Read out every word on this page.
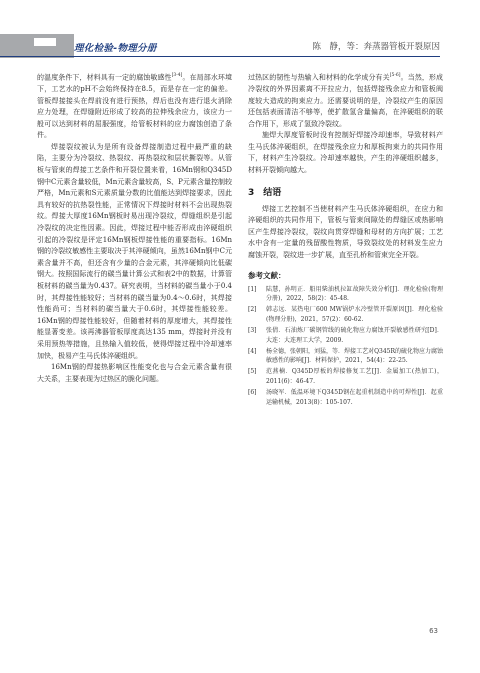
理化检验-物理分册	陈　静，等：奔蒸器管板开裂原因

的温度条件下，材料具有一定的腐蚀敏感性[3-4]。在局部水环境下，工艺水的pH不会始终保持在8.5，而是存在一定的偏差。管板焊接接头在焊前没有进行预热，焊后也没有进行退火消除应力处理，在焊缝附近形成了较高的拉伸残余应力，该应力一般可以达到材料的屈服强度，给管板材料的应力腐蚀创造了条件。

焊接裂纹被认为是所有设备焊接制造过程中最严重的缺陷，主要分为冷裂纹、热裂纹、再热裂纹和层状撕裂等。从管板与管束的焊接工艺条件和开裂位置来看，16Mn钢和Q345D钢中C元素含量较低，Mn元素含量较高，S、P元素含量控制较严格，Mn元素和S元素质量分数的比值能达到焊接要求，因此具有较好的抗热裂性能，正常情况下焊接时材料不会出现热裂纹。焊接大厚度16Mn钢板时易出现冷裂纹，焊缝组织是引起冷裂纹的决定性因素。因此，焊接过程中能否形成由淬硬组织引起的冷裂纹是评定16Mn钢板焊接性能的重要指标。16Mn钢的冷裂纹敏感性主要取决于其淬硬倾向，虽然16Mn钢中C元素含量并不高，但还含有少量的合金元素，其淬硬倾向比低碳钢大。按照国际流行的碳当量计算公式和表2中的数据，计算管板材料的碳当量为0.437。研究表明，当材料的碳当量小于0.4时，其焊接性能较好；当材料的碳当量为0.4～0.6时，其焊接性能尚可；当材料的碳当量大于0.6时，其焊接性能较差。16Mn钢的焊接性能较好，但随着材料的厚度增大，其焊接性能显著变差。该再沸器管板厚度高达135 mm，焊接时并没有采用预热等措施，且热输入值较低，使得焊接过程中冷却速率加快，极易产生马氏体淬硬组织。

16Mn钢的焊接热影响区性能变化也与合金元素含量有很大关系，主要表现为过热区的脆化问题。

过热区的韧性与热输入和材料的化学成分有关[5-6]。当然，形成冷裂纹的外界因素离不开拉应力，包括焊接残余应力和管板阀度较大造成的拘束应力。还需要说明的是，冷裂纹产生的原因还包括表面清洁不够等，使扩散氢含量偏高，在淬硬组织的联合作用下，形成了氢致冷裂纹。

施焊大厚度管板时没有控制好焊接冷却速率，导致材料产生马氏体淬硬组织，在焊接残余应力和厚板拘束力的共同作用下，材料产生冷裂纹。冷却速率越快，产生的淬硬组织越多，材料开裂倾向越大。

3　结语

焊接工艺控制不当使材料产生马氏体淬硬组织，在应力和淬硬组织的共同作用下，管板与管束间隙处的焊缝区或热影响区产生焊接冷裂纹，裂纹向贯穿焊缝和母材的方向扩展；工艺水中含有一定量的残留酸性物质，导致裂纹处的材料发生应力腐蚀开裂，裂纹进一步扩展，直至孔桥和管束完全开裂。

参考文献：
[1]	陆慧，孙明正．船用柴油机拉缸故障失效分析[J]．理化检验(物理分册)，2022，58(2)：45-48.
[2]	韩志远．某热电厂600 MW锅炉水冷壁管开裂原因[J]．理化检验(物理分册)，2021，57(2)：60-62.
[3]	张倩．石油炼厂碳钢管线的硫化物应力腐蚀开裂敏感性研究[D]．大连：大连理工大学，2009.
[4]	杨全德，张朝阳，刘猛，等．焊接工艺对Q345R的硫化物应力腐蚀敏感性的影响[J]．材料保护，2021，54(4)：22-25.
[5]	范燕楠．Q345D厚板的焊接修复工艺[J]．金属加工(热加工)，2011(6)：46-47.
[6]	汤晓军．低温环境下Q345D钢在起重机制造中的可焊性[J]．起重运输机械，2013(8)：105-107.
63
